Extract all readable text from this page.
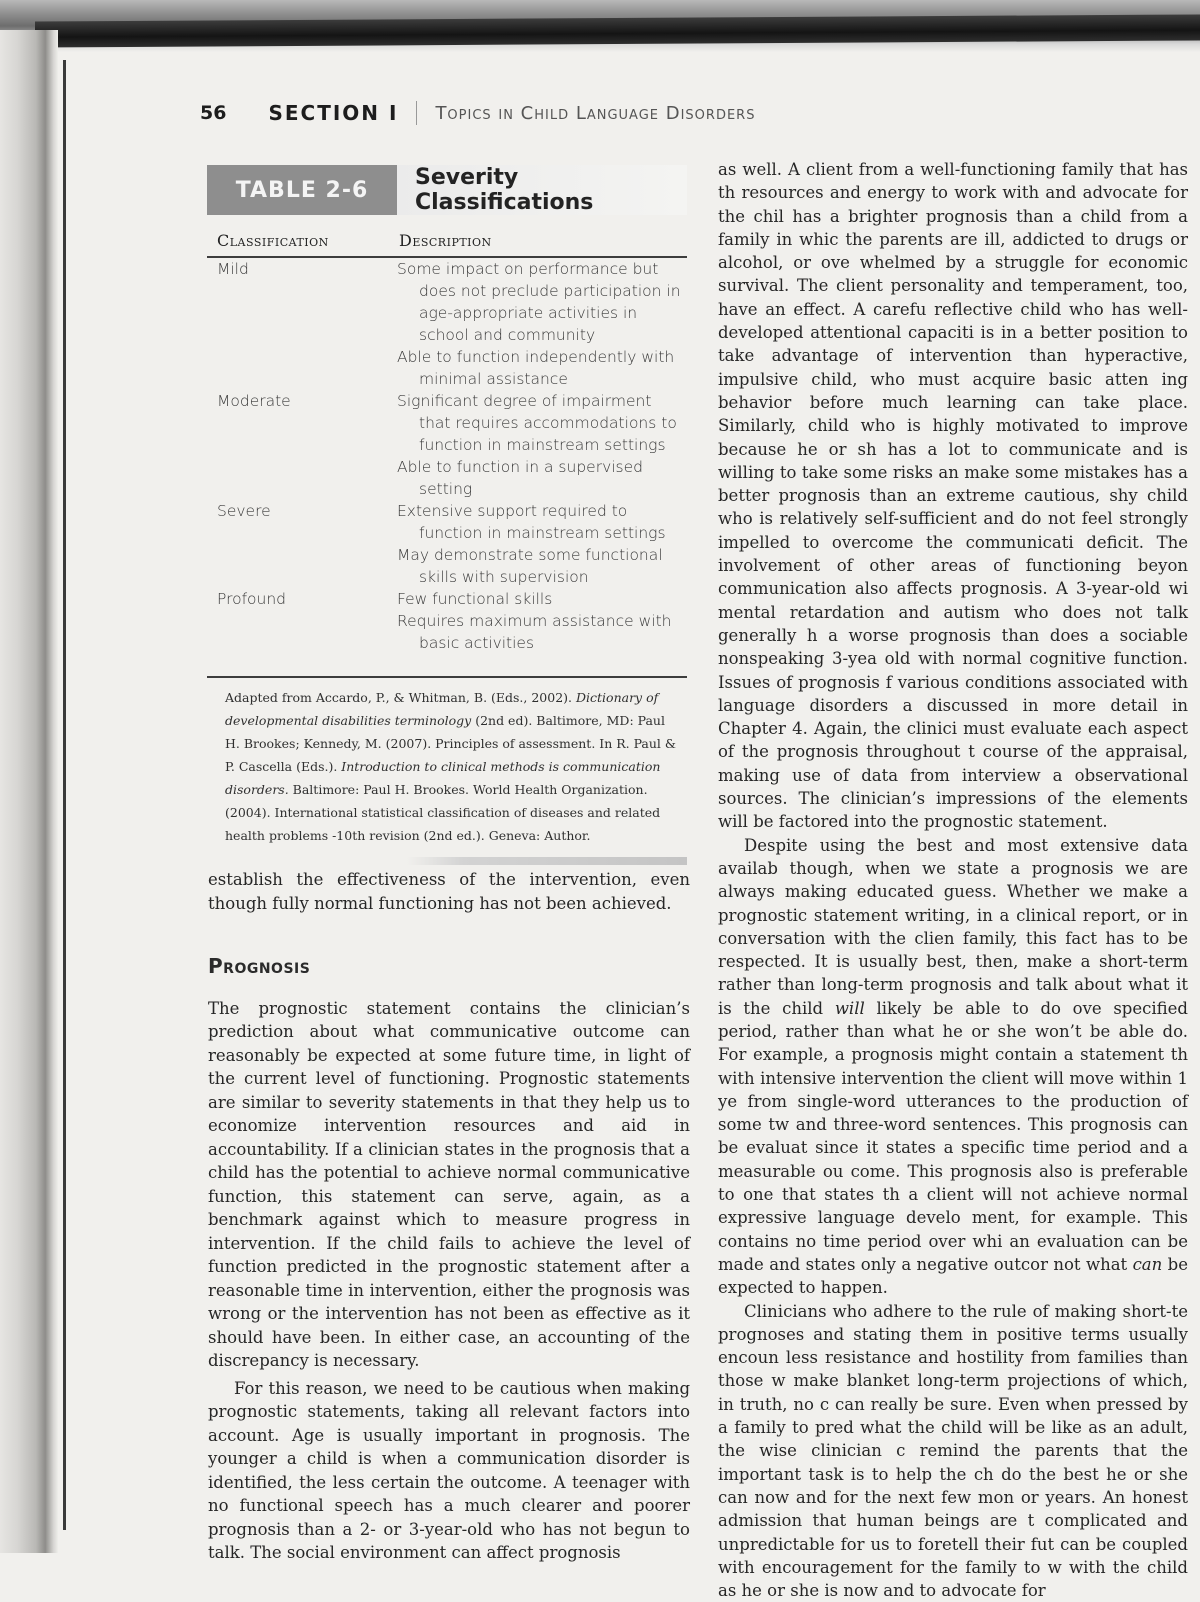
56 SECTION I Topics in Child Language Disorders
TABLE 2-6	Severity Classifications
Classification	Description
Mild	Some impact on performance but does not preclude participation in age-appropriate activities in school and community
Able to function independently with minimal assistance
Moderate	Significant degree of impairment that requires accommodations to function in mainstream settings
Able to function in a supervised setting
Severe	Extensive support required to function in mainstream settings
May demonstrate some functional skills with supervision
Profound	Few functional skills
Requires maximum assistance with basic activities
Adapted from Accardo, P., & Whitman, B. (Eds., 2002). Dictionary of developmental disabilities terminology (2nd ed). Baltimore, MD: Paul H. Brookes; Kennedy, M. (2007). Principles of assessment. In R. Paul & P. Cascella (Eds.). Introduction to clinical methods is communication disorders. Baltimore: Paul H. Brookes. World Health Organization. (2004). International statistical classification of diseases and related health problems -10th revision (2nd ed.). Geneva: Author.

establish the effectiveness of the intervention, even though fully normal functioning has not been achieved.

Prognosis

The prognostic statement contains the clinician’s prediction about what communicative outcome can reasonably be expected at some future time, in light of the current level of functioning. Prognostic statements are similar to severity statements in that they help us to economize intervention resources and aid in accountability. If a clinician states in the prognosis that a child has the potential to achieve normal communicative function, this statement can serve, again, as a benchmark against which to measure progress in intervention. If the child fails to achieve the level of function predicted in the prognostic statement after a reasonable time in intervention, either the prognosis was wrong or the intervention has not been as effective as it should have been. In either case, an accounting of the discrepancy is necessary.

For this reason, we need to be cautious when making prognostic statements, taking all relevant factors into account. Age is usually important in prognosis. The younger a child is when a communication disorder is identified, the less certain the outcome. A teenager with no functional speech has a much clearer and poorer prognosis than a 2- or 3-year-old who has not begun to talk. The social environment can affect prognosis

as well. A client from a well-functioning family that has th resources and energy to work with and advocate for the chil has a brighter prognosis than a child from a family in whic the parents are ill, addicted to drugs or alcohol, or ove whelmed by a struggle for economic survival. The client personality and temperament, too, have an effect. A carefu reflective child who has well-developed attentional capaciti is in a better position to take advantage of intervention than hyperactive, impulsive child, who must acquire basic atten ing behavior before much learning can take place. Similarly, child who is highly motivated to improve because he or sh has a lot to communicate and is willing to take some risks an make some mistakes has a better prognosis than an extreme cautious, shy child who is relatively self-sufficient and do not feel strongly impelled to overcome the communicati deficit. The involvement of other areas of functioning beyon communication also affects prognosis. A 3-year-old wi mental retardation and autism who does not talk generally h a worse prognosis than does a sociable nonspeaking 3-yea old with normal cognitive function. Issues of prognosis f various conditions associated with language disorders a discussed in more detail in Chapter 4. Again, the clinici must evaluate each aspect of the prognosis throughout t course of the appraisal, making use of data from interview a observational sources. The clinician’s impressions of the elements will be factored into the prognostic statement.

Despite using the best and most extensive data availab though, when we state a prognosis we are always making educated guess. Whether we make a prognostic statement writing, in a clinical report, or in conversation with the clien family, this fact has to be respected. It is usually best, then, make a short-term rather than long-term prognosis and talk about what it is the child will likely be able to do ove specified period, rather than what he or she won’t be able do. For example, a prognosis might contain a statement th with intensive intervention the client will move within 1 ye from single-word utterances to the production of some tw and three-word sentences. This prognosis can be evaluat since it states a specific time period and a measurable ou come. This prognosis also is preferable to one that states th a client will not achieve normal expressive language develo ment, for example. This contains no time period over whi an evaluation can be made and states only a negative outcor not what can be expected to happen.

Clinicians who adhere to the rule of making short-te prognoses and stating them in positive terms usually encoun less resistance and hostility from families than those w make blanket long-term projections of which, in truth, no c can really be sure. Even when pressed by a family to pred what the child will be like as an adult, the wise clinician c remind the parents that the important task is to help the ch do the best he or she can now and for the next few mon or years. An honest admission that human beings are t complicated and unpredictable for us to foretell their fut can be coupled with encouragement for the family to w with the child as he or she is now and to advocate for
